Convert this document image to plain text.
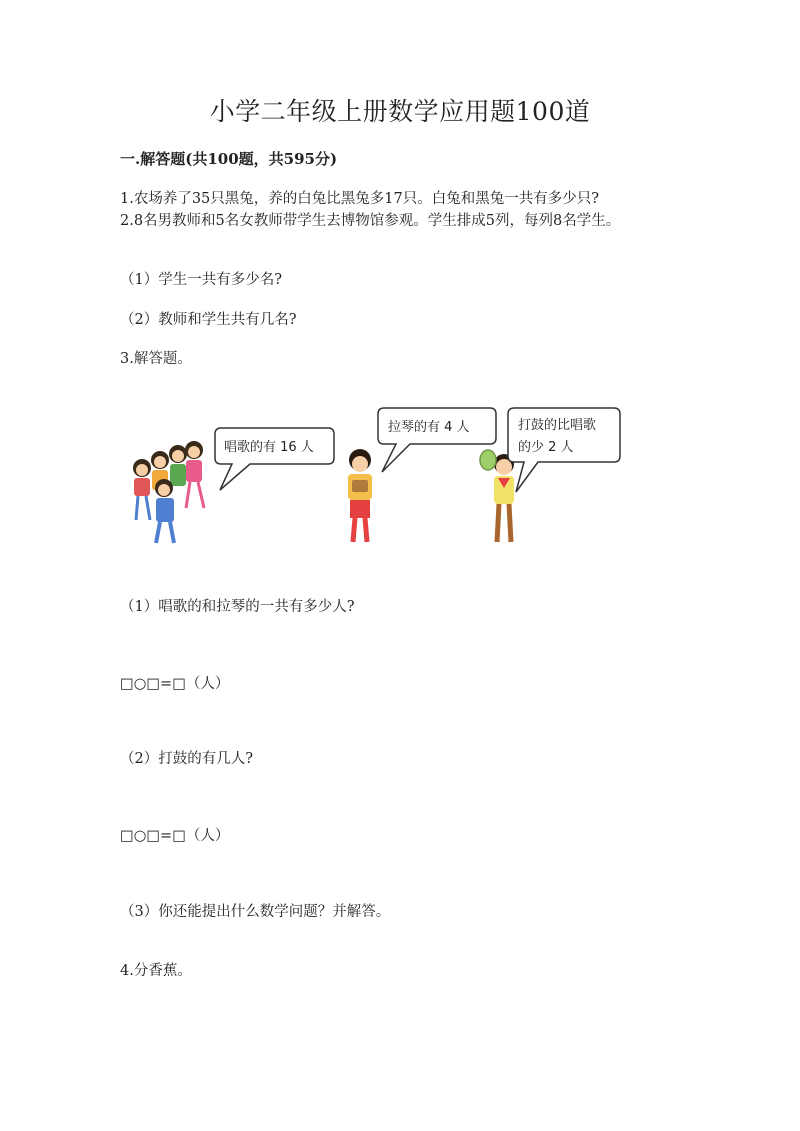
小学二年级上册数学应用题100道
一.解答题(共100题，共595分)
1.农场养了35只黑兔，养的白兔比黑兔多17只。白兔和黑兔一共有多少只?
2.8名男教师和5名女教师带学生去博物馆参观。学生排成5列，每列8名学生。
（1）学生一共有多少名?
（2）教师和学生共有几名?
3.解答题。
唱歌的有 16 人
拉琴的有 4 人	打鼓的比唱歌
的少 2 人
（1）唱歌的和拉琴的一共有多少人?
□○□=□（人）
（2）打鼓的有几人?
□○□=□（人）
（3）你还能提出什么数学问题？并解答。
4.分香蕉。
